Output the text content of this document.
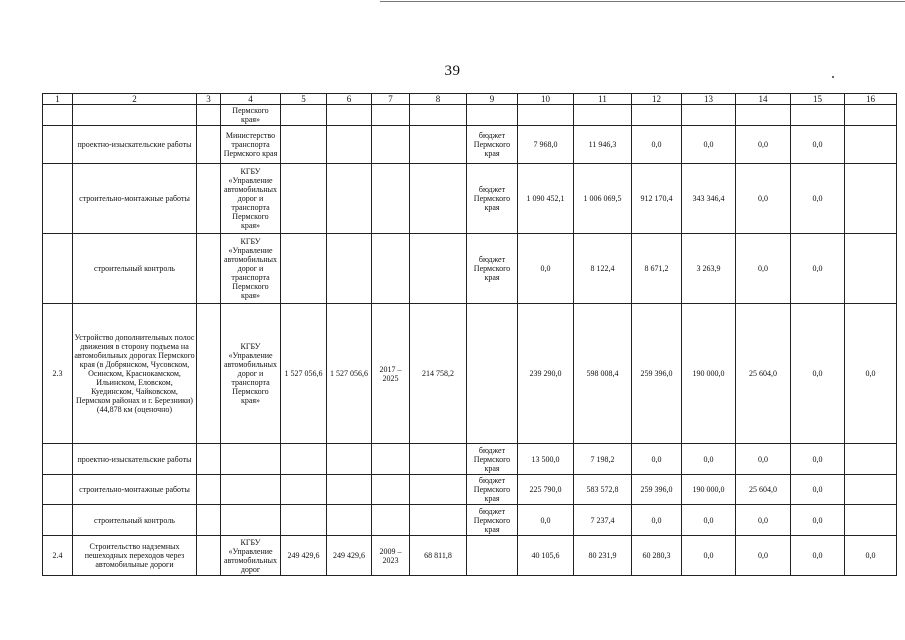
39
1	2	3	4	5	6	7	8	9	10	11	12	13	14	15	16
			Пермского края»												
	проектно-изыскательские работы		Министерство транспорта Пермского края					бюджет Пермского края	7 968,0	11 946,3	0,0	0,0	0,0	0,0	
	строительно-монтажные работы		КГБУ «Управление автомобильных дорог и транспорта Пермского края»					бюджет Пермского края	1 090 452,1	1 006 069,5	912 170,4	343 346,4	0,0	0,0	
	строительный контроль		КГБУ «Управление автомобильных дорог и транспорта Пермского края»					бюджет Пермского края	0,0	8 122,4	8 671,2	3 263,9	0,0	0,0	
2.3	Устройство дополнительных полос движения в сторону подъема на автомобильных дорогах Пермского края (в Добрянском, Чусовском, Осинском, Краснокамском, Ильинском, Еловском, Куединском, Чайковском, Пермском районах и г. Березники) (44,878 км (оценочно)		КГБУ «Управление автомобильных дорог и транспорта Пермского края»	1 527 056,6	1 527 056,6	2017 – 2025	214 758,2		239 290,0	598 008,4	259 396,0	190 000,0	25 604,0	0,0	0,0
	проектно-изыскательские работы							бюджет Пермского края	13 500,0	7 198,2	0,0	0,0	0,0	0,0	
	строительно-монтажные работы							бюджет Пермского края	225 790,0	583 572,8	259 396,0	190 000,0	25 604,0	0,0	
	строительный контроль							бюджет Пермского края	0,0	7 237,4	0,0	0,0	0,0	0,0	
2.4	Строительство надземных пешеходных переходов через автомобильные дороги		КГБУ «Управление автомобильных дорог	249 429,6	249 429,6	2009 – 2023	68 811,8		40 105,6	80 231,9	60 280,3	0,0	0,0	0,0	0,0
